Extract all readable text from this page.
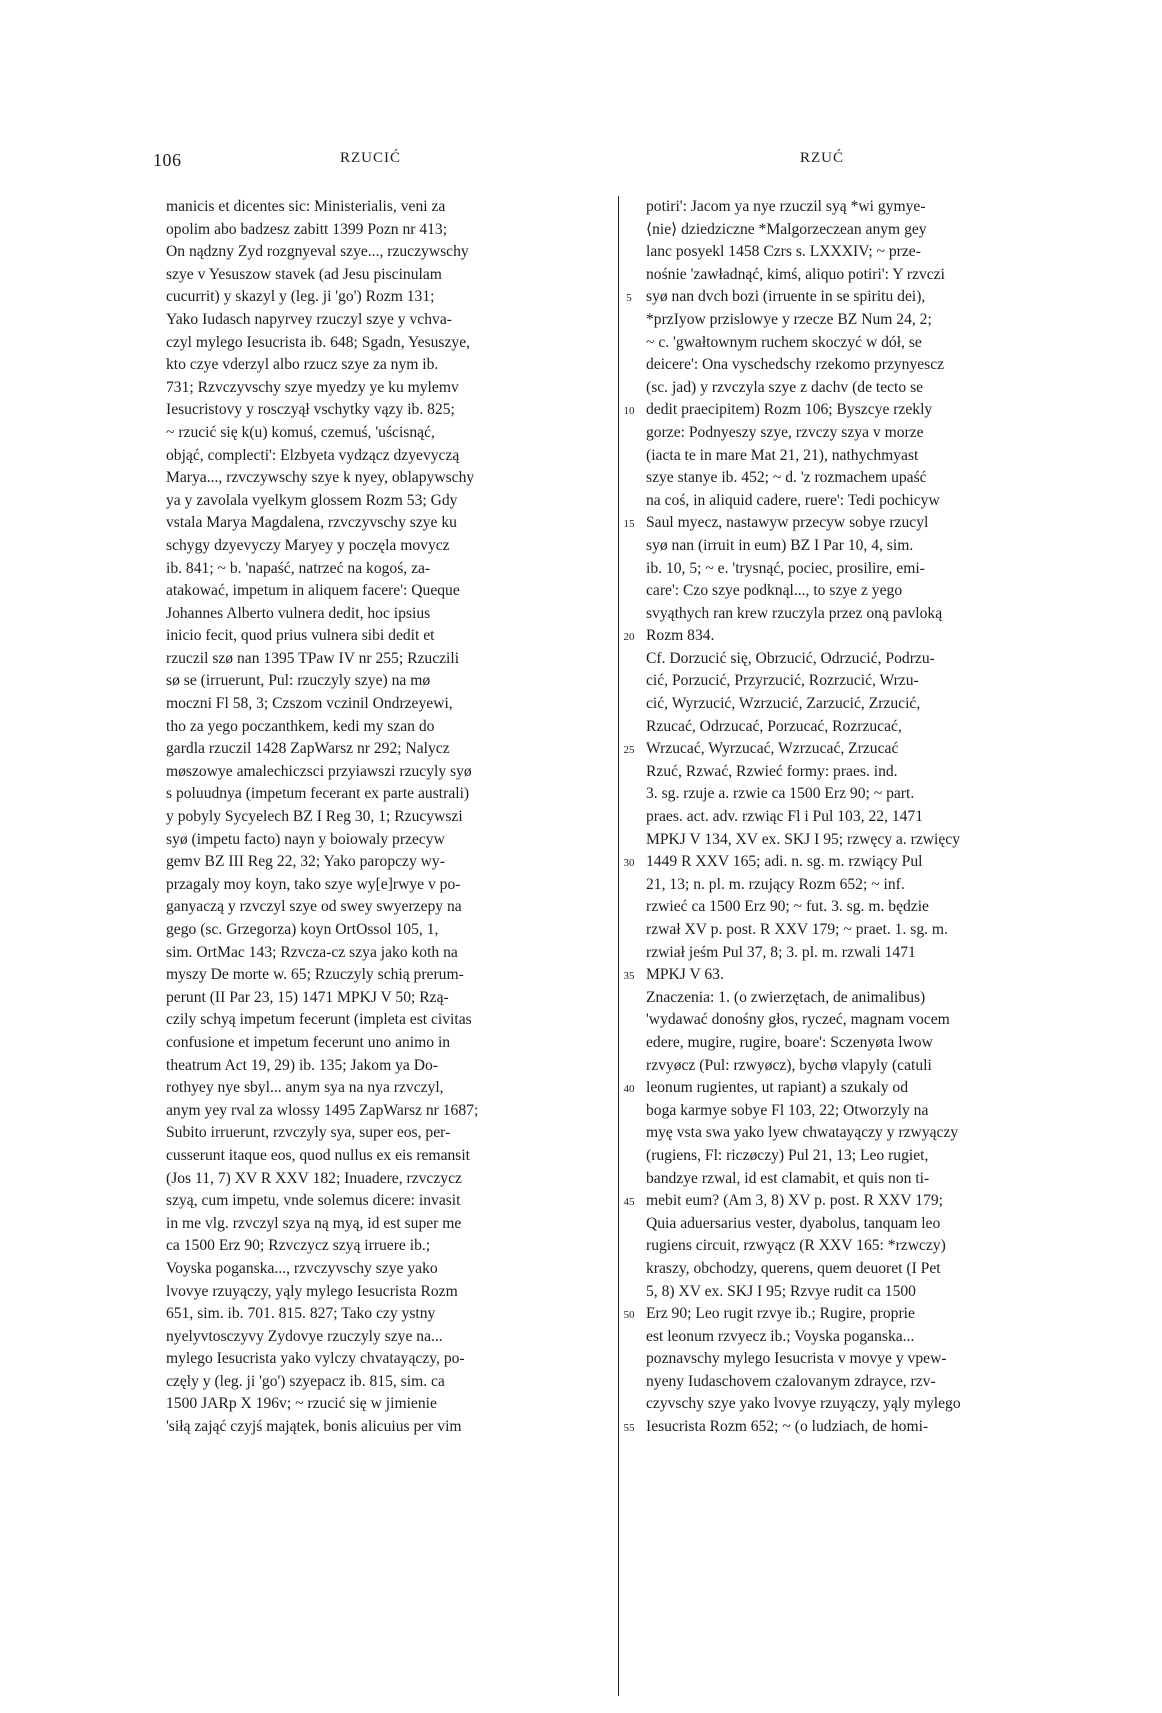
106	RZUCIĆ	RZUĆ
manicis et dicentes sic: Ministerialis, veni za
opolim abo badzesz zabitt 1399 Pozn nr 413;
On nądzny Zyd rozgnyeval szye..., rzuczywschy
szye v Yesuszow stavek (ad Jesu piscinulam
cucurrit) y skazyl y (leg. ji 'go') Rozm 131;
Yako Iudasch napyrvey rzuczyl szye y vchva-
czyl mylego Iesucrista ib. 648; Sgadn, Yesuszye,
kto czye vderzyl albo rzucz szye za nym ib.
731; Rzvczyvschy szye myedzy ye ku mylemv
Iesucristovy y rosczyął vschytky vązy ib. 825;
~ rzucić się k(u) komuś, czemuś, 'uścisnąć,
objąć, complecti': Elzbyeta vydzącz dzyevyczą
Marya..., rzvczywschy szye k nyey, oblapywschy
ya y zavolala vyelkym glossem Rozm 53; Gdy
vstala Marya Magdalena, rzvczyvschy szye ku
schygy dzyevyczy Maryey y poczęla movycz
ib. 841; ~ b. 'napaść, natrzeć na kogoś, za-
atakować, impetum in aliquem facere': Queque
Johannes Alberto vulnera dedit, hoc ipsius
inicio fecit, quod prius vulnera sibi dedit et
rzuczil szø nan 1395 TPaw IV nr 255; Rzuczili
sø se (irruerunt, Pul: rzuczyly szye) na mø
moczni Fl 58, 3; Czszom vczinil Ondrzeyewi,
tho za yego poczanthkem, kedi my szan do
gardla rzuczil 1428 ZapWarsz nr 292; Nalycz
møszowye amalechiczsci przyiawszi rzucyly syø
s poluudnya (impetum fecerant ex parte australi)
y pobyly Sycyelech BZ I Reg 30, 1; Rzucywszi
syø (impetu facto) nayn y boiowaly przecyw
gemv BZ III Reg 22, 32; Yako paropczy wy-
przagaly moy koyn, tako szye wy[e]rwye v po-
ganyaczą y rzvczyl szye od swey swyerzepy na
gego (sc. Grzegorza) koyn OrtOssol 105, 1,
sim. OrtMac 143; Rzvcza-cz szya jako koth na
myszy De morte w. 65; Rzuczyly schią prerum-
perunt (II Par 23, 15) 1471 MPKJ V 50; Rzą-
czily schyą impetum fecerunt (impleta est civitas
confusione et impetum fecerunt uno animo in
theatrum Act 19, 29) ib. 135; Jakom ya Do-
rothyey nye sbyl... anym sya na nya rzvczyl,
anym yey rval za wlossy 1495 ZapWarsz nr 1687;
Subito irruerunt, rzvczyly sya, super eos, per-
cusserunt itaque eos, quod nullus ex eis remansit
(Jos 11, 7) XV R XXV 182; Inuadere, rzvczycz
szyą, cum impetu, vnde solemus dicere: invasit
in me vlg. rzvczyl szya ną myą, id est super me
ca 1500 Erz 90; Rzvczycz szyą irruere ib.;
Voyska poganska..., rzvczyvschy szye yako
lvovye rzuyączy, yąly mylego Iesucrista Rozm
651, sim. ib. 701. 815. 827; Tako czy ystny
nyelyvtosczyvy Zydovye rzuczyly szye na...
mylego Iesucrista yako vylczy chvatayączy, po-
częly y (leg. ji 'go') szyepacz ib. 815, sim. ca
1500 JARp X 196v; ~ rzucić się w jimienie
'siłą zająć czyjś majątek, bonis alicuius per vim
5
10
15
20
25
30
35
40
45
50
55
potiri': Jacom ya nye rzuczil syą *wi gymye-
⟨nie⟩ dziedziczne *Malgorzeczean anym gey
lanc posyekl 1458 Czrs s. LXXXIV; ~ prze-
nośnie 'zawładnąć, kimś, aliquo potiri': Y rzvczi
syø nan dvch bozi (irruente in se spiritu dei),
*przIyow przislowye y rzecze BZ Num 24, 2;
~ c. 'gwałtownym ruchem skoczyć w dół, se
deicere': Ona vyschedschy rzekomo przynyescz
(sc. jad) y rzvczyla szye z dachv (de tecto se
dedit praecipitem) Rozm 106; Byszcye rzekly
gorze: Podnyeszy szye, rzvczy szya v morze
(iacta te in mare Mat 21, 21), nathychmyast
szye stanye ib. 452; ~ d. 'z rozmachem upaść
na coś, in aliquid cadere, ruere': Tedi pochicyw
Saul myecz, nastawyw przecyw sobye rzucyl
syø nan (irruit in eum) BZ I Par 10, 4, sim.
ib. 10, 5; ~ e. 'trysnąć, pociec, prosilire, emi-
care': Czo szye podknąl..., to szye z yego
svyąthych ran krew rzuczyla przez oną pavloką
Rozm 834.
Cf. Dorzucić się, Obrzucić, Odrzucić, Podrzu-
cić, Porzucić, Przyrzucić, Rozrzucić, Wrzu-
cić, Wyrzucić, Wzrzucić, Zarzucić, Zrzucić,
Rzucać, Odrzucać, Porzucać, Rozrzucać,
Wrzucać, Wyrzucać, Wzrzucać, Zrzucać
Rzuć, Rzwać, Rzwieć formy: praes. ind.
3. sg. rzuje a. rzwie ca 1500 Erz 90; ~ part.
praes. act. adv. rzwiąc Fl i Pul 103, 22, 1471
MPKJ V 134, XV ex. SKJ I 95; rzwęcy a. rzwięcy
1449 R XXV 165; adi. n. sg. m. rzwiący Pul
21, 13; n. pl. m. rzujący Rozm 652; ~ inf.
rzwieć ca 1500 Erz 90; ~ fut. 3. sg. m. będzie
rzwał XV p. post. R XXV 179; ~ praet. 1. sg. m.
rzwiał jeśm Pul 37, 8; 3. pl. m. rzwali 1471
MPKJ V 63.
Znaczenia: 1. (o zwierzętach, de animalibus)
'wydawać donośny głos, ryczeć, magnam vocem
edere, mugire, rugire, boare': Sczenyøta lwow
rzvyøcz (Pul: rzwyøcz), bychø vlapyly (catuli
leonum rugientes, ut rapiant) a szukaly od
boga karmye sobye Fl 103, 22; Otworzyly na
myę vsta swa yako lyew chwatayączy y rzwyączy
(rugiens, Fl: riczøczy) Pul 21, 13; Leo rugiet,
bandzye rzwal, id est clamabit, et quis non ti-
mebit eum? (Am 3, 8) XV p. post. R XXV 179;
Quia aduersarius vester, dyabolus, tanquam leo
rugiens circuit, rzwyącz (R XXV 165: *rzwczy)
kraszy, obchodzy, querens, quem deuoret (I Pet
5, 8) XV ex. SKJ I 95; Rzvye rudit ca 1500
Erz 90; Leo rugit rzvye ib.; Rugire, proprie
est leonum rzvyecz ib.; Voyska poganska...
poznavschy mylego Iesucrista v movye y vpew-
nyeny Iudaschovem czalovanym zdrayce, rzv-
czyvschy szye yako lvovye rzuyączy, yąly mylego
Iesucrista Rozm 652; ~ (o ludziach, de homi-
